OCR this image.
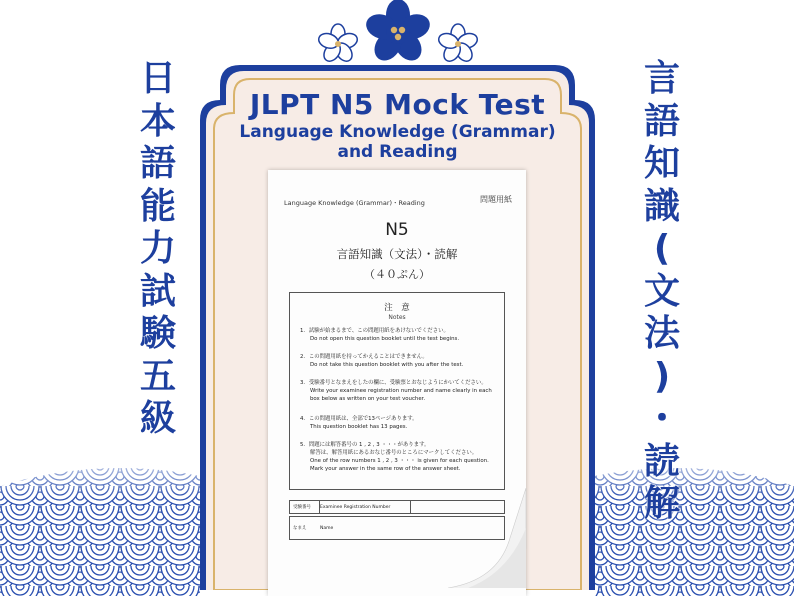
日
本
語
能
力
試
験
五
級
言
語
知
識
(
文
法
)
・
読
解
JLPT N5 Mock Test
Language Knowledge (Grammar)
and Reading
Language Knowledge (Grammar)・Reading	問題用紙
N5
言語知識（文法）・読解
（４０ぷん）
注　意
Notes
1．試験が始まるまで、この問題用紙をあけないでください。
Do not open this question booklet until the test begins.
2．この問題用紙を持ってかえることはできません。
Do not take this question booklet with you after the test.
3．受験番号となまえをしたの欄に、受験票とおなじようにかいてください。
Write your examinee registration number and name clearly in each box below as written on your test voucher.
4．この問題用紙は、全部で13ページあります。
This question booklet has 13 pages.
5．問題には解答番号の 1 , 2 , 3 ・・・があります。
解答は、解答用紙にあるおなじ番号のところにマークしてください。
One of the row numbers 1 , 2 , 3 ・・・ is given for each question.
Mark your answer in the same row of the answer sheet.
受験番号	Examinee Registration Number
なまえ	Name
